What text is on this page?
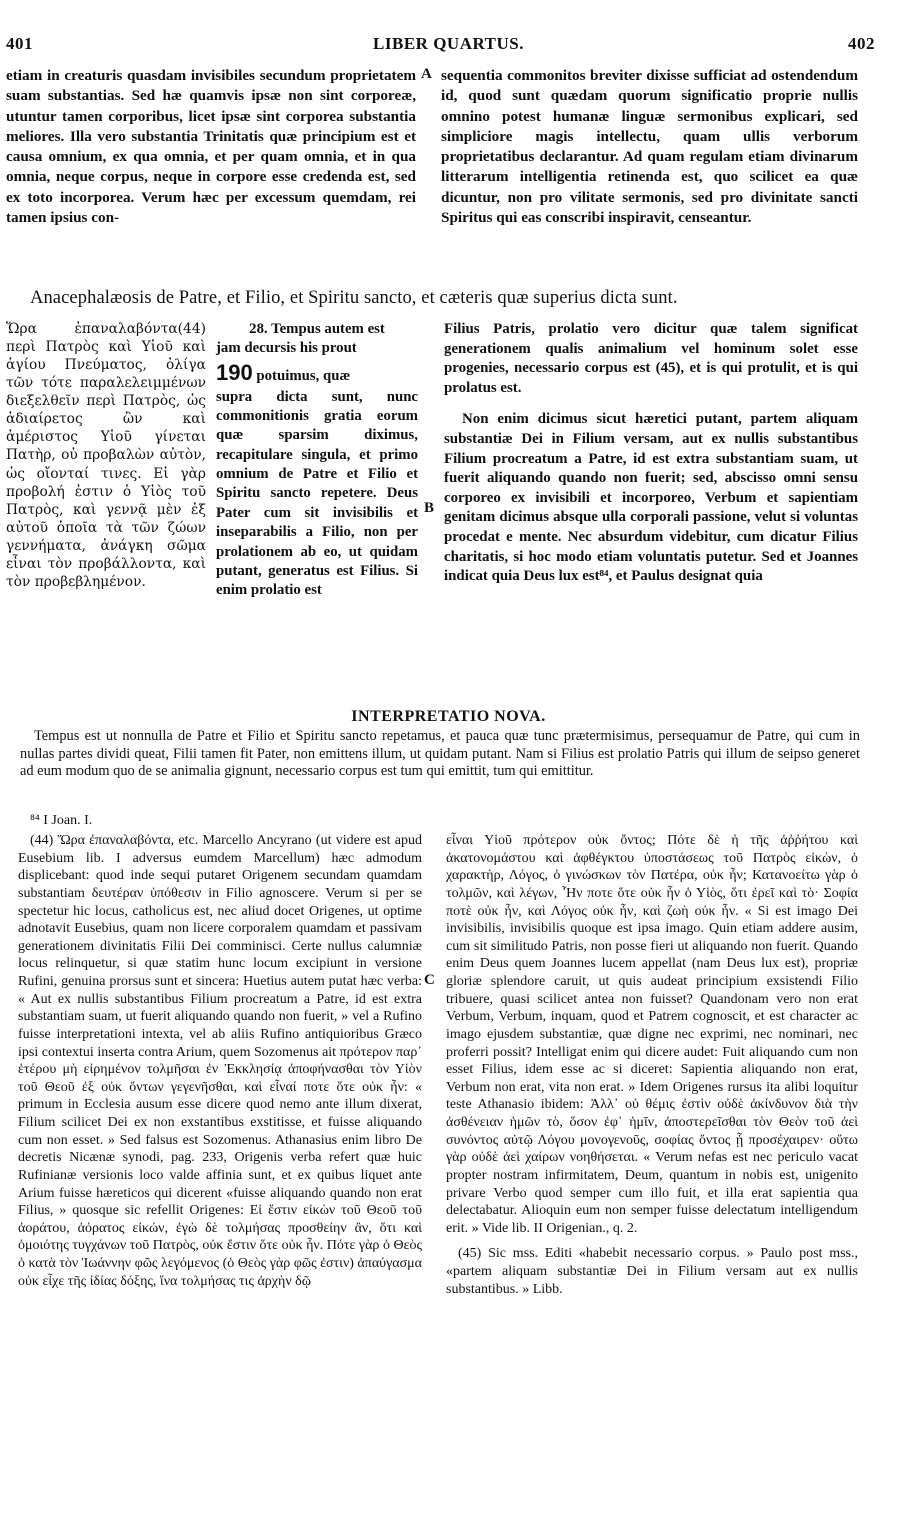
401	LIBER QUARTUS.	402

etiam in creaturis quasdam invisibiles secundum proprietatem suam substantias. Sed hæ quamvis ipsæ non sint corporeæ, utuntur tamen corporibus, licet ipsæ sint corporea substantia meliores. Illa vero substantia Trinitatis quæ principium est et causa omnium, ex qua omnia, et per quam omnia, et in qua omnia, neque corpus, neque in corpore esse credenda est, sed ex toto incorporea. Verum hæc per excessum quemdam, rei tamen ipsius con-

A sequentia commonitos breviter dixisse sufficiat ad ostendendum id, quod sunt quædam quorum significatio proprie nullis omnino potest humanæ linguæ sermonibus explicari, sed simpliciore magis intellectu, quam ullis verborum proprietatibus declarantur. Ad quam regulam etiam divinarum litterarum intelligentia retinenda est, quo scilicet ea quæ dicuntur, non pro vilitate sermonis, sed pro divinitate sancti Spiritus qui eas conscribi inspiravit, censeantur.

Anacephalæosis de Patre, et Filio, et Spiritu sancto, et cæteris quæ superius dicta sunt.

Ὥρα ἐπαναλαβόντα(44) περὶ Πατρὸς καὶ Υἱοῦ καὶ ἁγίου Πνεύματος, ὀλίγα τῶν τότε παραλελειμμένων διεξελθεῖν περὶ Πατρὸς, ὡς ἀδιαίρετος ὢν καὶ ἀμέριστος Υἱοῦ γίνεται Πατὴρ, οὐ προβαλὼν αὐτὸν, ὡς οἴονταί τινες. Εἰ γὰρ προβολή ἐστιν ὁ Υἱὸς τοῦ Πατρὸς, καὶ γεννᾷ μὲν ἐξ αὐτοῦ ὁποῖα τὰ τῶν ζώων γεννήματα, ἀνάγκη σῶμα εἶναι τὸν προβάλλοντα, καὶ τὸν προβεβλημένον.

28. Tempus autem est
jam decursis his prout
190 potuimus, quæ
supra dicta sunt, nunc commonitionis gratia eorum quæ sparsim diximus, recapitulare singula, et primo omnium de Patre et Filio et Spiritu sancto repetere. Deus Pater cum sit invisibilis et inseparabilis a Filio, non per prolationem ab eo, ut quidam putant, generatus est Filius. Si enim prolatio est
B

Filius Patris, prolatio vero dicitur quæ talem significat generationem qualis animalium vel hominum solet esse progenies, necessario corpus est (45), et is qui protulit, et is qui prolatus est.

Non enim dicimus sicut hæretici putant, partem aliquam substantiæ Dei in Filium versam, aut ex nullis substantibus Filium procreatum a Patre, id est extra substantiam suam, ut fuerit aliquando quando non fuerit; sed, abscisso omni sensu corporeo ex invisibili et incorporeo, Verbum et sapientiam genitam dicimus absque ulla corporali passione, velut si voluntas procedat e mente. Nec absurdum videbitur, cum dicatur Filius charitatis, si hoc modo etiam voluntatis putetur. Sed et Joannes indicat quia Deus lux est⁸⁴, et Paulus designat quia

INTERPRETATIO NOVA.

Tempus est ut nonnulla de Patre et Filio et Spiritu sancto repetamus, et pauca quæ tunc prætermisimus, persequamur de Patre, qui cum in nullas partes dividi queat, Filii tamen fit Pater, non emittens illum, ut quidam putant. Nam si Filius est prolatio Patris qui illum de seipso generet ad eum modum quo de se animalia gignunt, necessario corpus est tum qui emittit, tum qui emittitur.

⁸⁴ I Joan. I.

(44) Ὥρα ἐπαναλαβόντα, etc. Marcello Ancyrano (ut videre est apud Eusebium lib. I adversus eumdem Marcellum) hæc admodum displicebant: quod inde sequi putaret Origenem secundam quamdam substantiam δευτέραν ὑπόθεσιν in Filio agnoscere. Verum si per se spectetur hic locus, catholicus est, nec aliud docet Origenes, ut optime adnotavit Eusebius, quam non licere corporalem quamdam et passivam generationem divinitatis Filii Dei comminisci. Certe nullus calumniæ locus relinquetur, si quæ statim hunc locum excipiunt in versione Rufini, genuina prorsus sunt et sincera: Huetius autem putat hæc verba: « Aut ex nullis substantibus Filium procreatum a Patre, id est extra substantiam suam, ut fuerit aliquando quando non fuerit, » vel a Rufino fuisse interpretationi intexta, vel ab aliis Rufino antiquioribus Græco ipsi contextui inserta contra Arium, quem Sozomenus ait πρότερον παρ᾽ ἑτέρου μὴ εἰρημένον τολμῆσαι ἐν Ἐκκλησίᾳ ἀποφήνασθαι τὸν Υἱὸν τοῦ Θεοῦ ἐξ οὐκ ὄντων γεγενῆσθαι, καὶ εἶναί ποτε ὅτε οὐκ ἦν: « primum in Ecclesia ausum esse dicere quod nemo ante illum dixerat, Filium scilicet Dei ex non exstantibus exstitisse, et fuisse aliquando cum non esset. » Sed falsus est Sozomenus. Athanasius enim libro De decretis Nicænæ synodi, pag. 233, Origenis verba refert quæ huic Rufinianæ versionis loco valde affinia sunt, et ex quibus liquet ante Arium fuisse hæreticos qui dicerent «fuisse aliquando quando non erat Filius, » quosque sic refellit Origenes: Εἰ ἔστιν εἰκὼν τοῦ Θεοῦ τοῦ ἀοράτου, ἀόρατος εἰκών, ἐγὼ δὲ τολμήσας προσθείην ἂν, ὅτι καὶ ὁμοιότης τυγχάνων τοῦ Πατρὸς, οὐκ ἔστιν ὅτε οὐκ ἦν. Πότε γὰρ ὁ Θεὸς ὁ κατὰ τὸν Ἰωάννην φῶς λεγόμενος (ὁ Θεὸς γὰρ φῶς ἐστιν) ἀπαύγασμα οὐκ εἶχε τῆς ἰδίας δόξης, ἵνα τολμήσας τις ἀρχὴν δῷ

C

εἶναι Υἱοῦ πρότερον οὐκ ὄντος; Πότε δὲ ἡ τῆς ἀῤῥήτου καὶ ἀκατονομάστου καὶ ἀφθέγκτου ὑποστάσεως τοῦ Πατρὸς εἰκὼν, ὁ χαρακτὴρ, Λόγος, ὁ γινώσκων τὸν Πατέρα, οὐκ ἦν; Κατανοείτω γὰρ ὁ τολμῶν, καὶ λέγων, Ἦν ποτε ὅτε οὐκ ἦν ὁ Υἱὸς, ὅτι ἐρεῖ καὶ τὸ· Σοφία ποτὲ οὐκ ἦν, καὶ Λόγος οὐκ ἦν, καὶ ζωὴ οὐκ ἦν. « Si est imago Dei invisibilis, invisibilis quoque est ipsa imago. Quin etiam addere ausim, cum sit similitudo Patris, non posse fieri ut aliquando non fuerit. Quando enim Deus quem Joannes lucem appellat (nam Deus lux est), propriæ gloriæ splendore caruit, ut quis audeat principium exsistendi Filio tribuere, quasi scilicet antea non fuisset? Quandonam vero non erat Verbum, Verbum, inquam, quod et Patrem cognoscit, et est character ac imago ejusdem substantiæ, quæ digne nec exprimi, nec nominari, nec proferri possit? Intelligat enim qui dicere audet: Fuit aliquando cum non esset Filius, idem esse ac si diceret: Sapientia aliquando non erat, Verbum non erat, vita non erat. » Idem Origenes rursus ita alibi loquitur teste Athanasio ibidem: Ἀλλ᾽ οὐ θέμις ἐστὶν οὐδὲ ἀκίνδυνον διὰ τὴν ἀσθένειαν ἡμῶν τὸ, ὅσον ἐφ᾽ ἡμῖν, ἀποστερεῖσθαι τὸν Θεὸν τοῦ ἀεὶ συνόντος αὐτῷ Λόγου μονογενοῦς, σοφίας ὄντος ᾗ προσέχαιρεν· οὕτω γὰρ οὐδὲ ἀεὶ χαίρων νοηθήσεται. « Verum nefas est nec periculo vacat propter nostram infirmitatem, Deum, quantum in nobis est, unigenito privare Verbo quod semper cum illo fuit, et illa erat sapientia qua delectabatur. Alioquin eum non semper fuisse delectatum intelligendum erit. » Vide lib. II Origenian., q. 2.

(45) Sic mss. Editi «habebit necessario corpus. » Paulo post mss., «partem aliquam substantiæ Dei in Filium versam aut ex nullis substantibus. » Libb.
